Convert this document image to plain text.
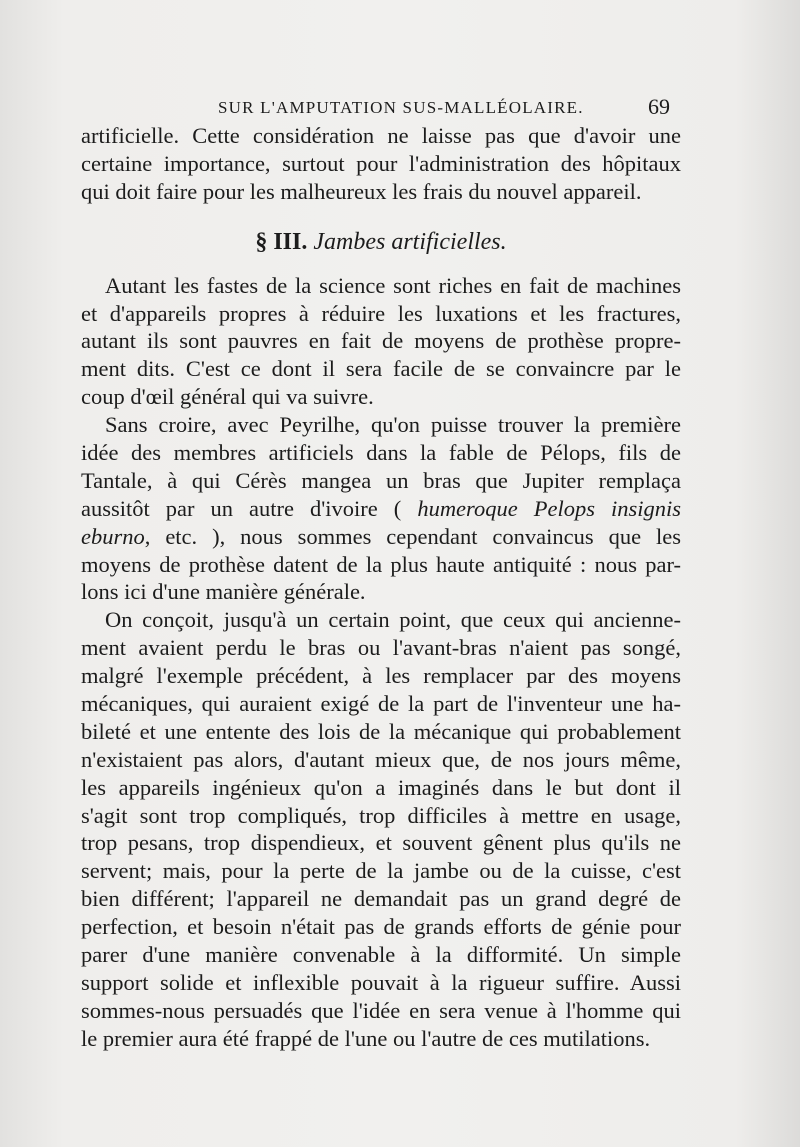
SUR L'AMPUTATION SUS-MALLÉOLAIRE.	69
artificielle. Cette considération ne laisse pas que d'avoir une
certaine importance, surtout pour l'administration des hôpitaux
qui doit faire pour les malheureux les frais du nouvel appareil.
§ III. Jambes artificielles.
Autant les fastes de la science sont riches en fait de machines
et d'appareils propres à réduire les luxations et les fractures,
autant ils sont pauvres en fait de moyens de prothèse propre-
ment dits. C'est ce dont il sera facile de se convaincre par le
coup d'œil général qui va suivre.
Sans croire, avec Peyrilhe, qu'on puisse trouver la première
idée des membres artificiels dans la fable de Pélops, fils de
Tantale, à qui Cérès mangea un bras que Jupiter remplaça
aussitôt par un autre d'ivoire ( humeroque Pelops insignis
eburno, etc. ), nous sommes cependant convaincus que les
moyens de prothèse datent de la plus haute antiquité : nous par-
lons ici d'une manière générale.
On conçoit, jusqu'à un certain point, que ceux qui ancienne-
ment avaient perdu le bras ou l'avant-bras n'aient pas songé,
malgré l'exemple précédent, à les remplacer par des moyens
mécaniques, qui auraient exigé de la part de l'inventeur une ha-
bileté et une entente des lois de la mécanique qui probablement
n'existaient pas alors, d'autant mieux que, de nos jours même,
les appareils ingénieux qu'on a imaginés dans le but dont il
s'agit sont trop compliqués, trop difficiles à mettre en usage,
trop pesans, trop dispendieux, et souvent gênent plus qu'ils ne
servent; mais, pour la perte de la jambe ou de la cuisse, c'est
bien différent; l'appareil ne demandait pas un grand degré de
perfection, et besoin n'était pas de grands efforts de génie pour
parer d'une manière convenable à la difformité. Un simple
support solide et inflexible pouvait à la rigueur suffire. Aussi
sommes-nous persuadés que l'idée en sera venue à l'homme qui
le premier aura été frappé de l'une ou l'autre de ces mutilations.
